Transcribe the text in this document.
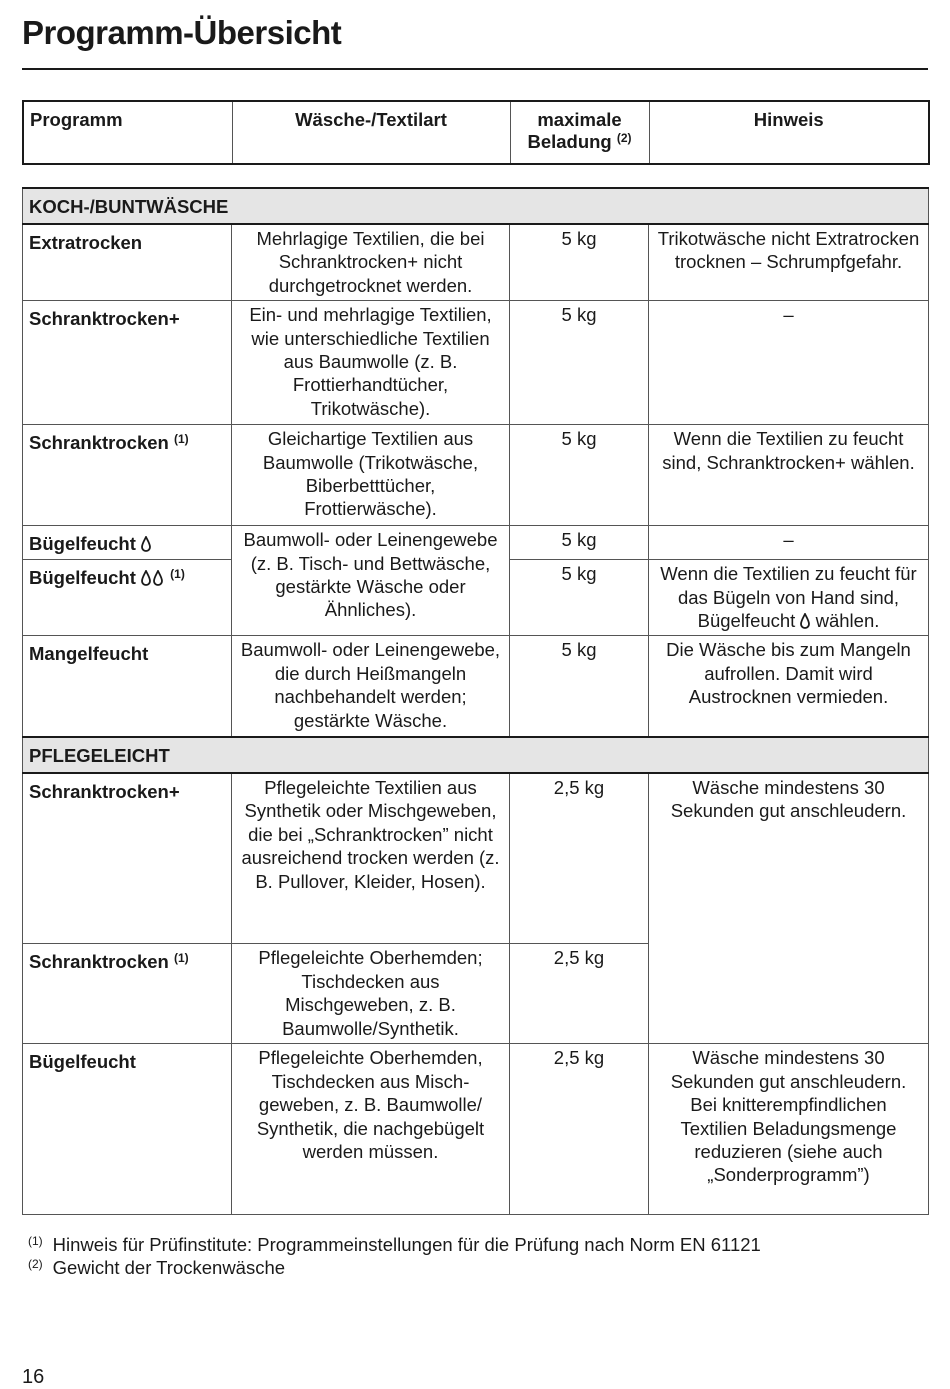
Programm-Übersicht
Programm	Wäsche-/Textilart	maximale
Beladung $^{(2)}$	Hinweis
KOCH-/BUNTWÄSCHE			
Extratrocken	Mehrlagige Textilien, die bei Schranktrocken+ nicht durchgetrocknet werden.	5 kg	Trikotwäsche nicht Extratrocken trocknen – Schrumpfgefahr.
Schranktrocken+	Ein- und mehrlagige Textilien, wie unterschiedliche Textilien aus Baumwolle (z. B. Frottierhandtücher, Trikotwäsche).	5 kg	–
Schranktrocken $^{(1)}$	Gleichartige Textilien aus Baumwolle (Trikotwäsche, Biberbetttücher, Frottierwäsche).	5 kg	Wenn die Textilien zu feucht sind, Schranktrocken+ wählen.
Bügelfeucht	Baumwoll- oder Leinengewebe (z. B. Tisch- und Bettwäsche, gestärkte Wäsche oder Ähnliches).	5 kg	–
Bügelfeucht $^{(1)}$		5 kg	Wenn die Textilien zu feucht für das Bügeln von Hand sind, Bügelfeucht wählen.
Mangelfeucht	Baumwoll- oder Leinengewebe, die durch Heißmangeln nachbehandelt werden; gestärkte Wäsche.	5 kg	Die Wäsche bis zum Mangeln aufrollen. Damit wird Austrocknen vermieden.
PFLEGELEICHT			
Schranktrocken+	Pflegeleichte Textilien aus Synthetik oder Mischgeweben, die bei „Schranktrocken” nicht ausreichend trocken werden (z. B. Pullover, Kleider, Hosen).	2,5 kg	Wäsche mindestens 30 Sekunden gut anschleudern.
Schranktrocken $^{(1)}$	Pflegeleichte Oberhemden; Tischdecken aus Mischgeweben, z. B. Baumwolle/Synthetik.	2,5 kg	
Bügelfeucht	Pflegeleichte Oberhemden, Tischdecken aus Misch-geweben, z. B. Baumwolle/ Synthetik, die nachgebügelt werden müssen.	2,5 kg	Wäsche mindestens 30 Sekunden gut anschleudern. Bei knitterempfindlichen Textilien Beladungsmenge reduzieren (siehe auch „Sonderprogramm”)
$^{(1)}$ Hinweis für Prüfinstitute: Programmeinstellungen für die Prüfung nach Norm EN 61121
$^{(2)}$ Gewicht der Trockenwäsche
16
